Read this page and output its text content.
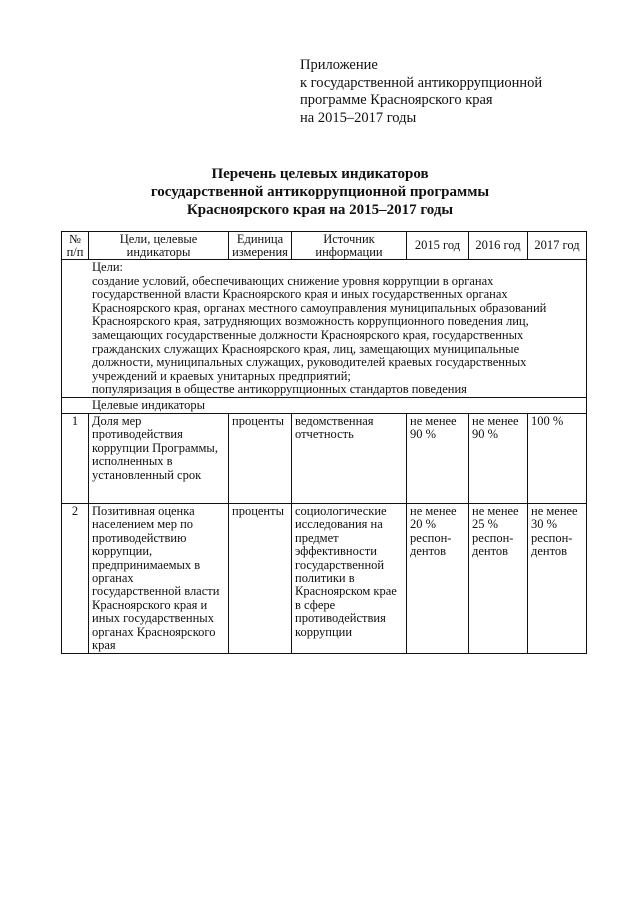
Приложение
к государственной антикоррупционной
программе Красноярского края
на 2015–2017 годы
Перечень целевых индикаторов
государственной антикоррупционной программы
Красноярского края на 2015–2017 годы
№ п/п	Цели, целевые индикаторы	Единица измерения	Источник информации	2015 год	2016 год	2017 год

Цели:
создание условий, обеспечивающих снижение уровня коррупции в органах государственной власти Красноярского края и иных государственных органах Красноярского края, органах местного самоуправления муниципальных образований Красноярского края, затрудняющих возможность коррупционного поведения лиц, замещающих государственные должности Красноярского края, государственных гражданских служащих Красноярского края, лиц, замещающих муниципальные должности, муниципальных служащих, руководителей краевых государственных учреждений и краевых унитарных предприятий;
популяризация в обществе антикоррупционных стандартов поведения						

Целевые индикаторы						
1	Доля мер противодействия коррупции Программы, исполненных в установленный срок	проценты	ведомственная отчетность	не менее 90 %	не менее 90 %	100 %
2	Позитивная оценка населением мер по противодействию коррупции, предпринимаемых в органах государственной власти Красноярского края и иных государственных органах Красноярского края	проценты	социологические исследования на предмет эффективности государственной политики в Красноярском крае в сфере противодействия коррупции	не менее 20 % респон-дентов	не менее 25 % респон-дентов	не менее 30 % респон-дентов
